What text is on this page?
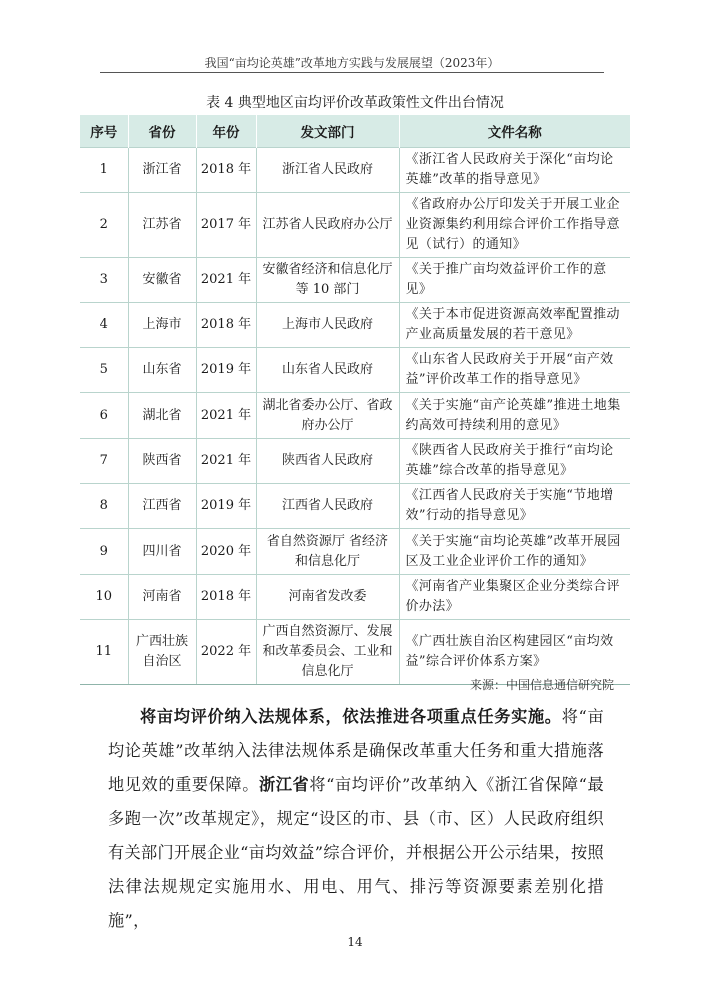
我国“亩均论英雄”改革地方实践与发展展望（2023年）
表 4 典型地区亩均评价改革政策性文件出台情况
序号	省份	年份	发文部门	文件名称
1	浙江省	2018 年	浙江省人民政府	《浙江省人民政府关于深化“亩均论英雄”改革的指导意见》
2	江苏省	2017 年	江苏省人民政府办公厅	《省政府办公厅印发关于开展工业企业资源集约利用综合评价工作指导意见（试行）的通知》
3	安徽省	2021 年	安徽省经济和信息化厅等 10 部门	《关于推广亩均效益评价工作的意见》
4	上海市	2018 年	上海市人民政府	《关于本市促进资源高效率配置推动产业高质量发展的若干意见》
5	山东省	2019 年	山东省人民政府	《山东省人民政府关于开展“亩产效益”评价改革工作的指导意见》
6	湖北省	2021 年	湖北省委办公厅、省政府办公厅	《关于实施“亩产论英雄”推进土地集约高效可持续利用的意见》
7	陕西省	2021 年	陕西省人民政府	《陕西省人民政府关于推行“亩均论英雄”综合改革的指导意见》
8	江西省	2019 年	江西省人民政府	《江西省人民政府关于实施“节地增效”行动的指导意见》
9	四川省	2020 年	省自然资源厅 省经济和信息化厅	《关于实施“亩均论英雄”改革开展园区及工业企业评价工作的通知》
10	河南省	2018 年	河南省发改委	《河南省产业集聚区企业分类综合评价办法》
11	广西壮族自治区	2022 年	广西自然资源厅、发展和改革委员会、工业和信息化厅	《广西壮族自治区构建园区“亩均效益”综合评价体系方案》
来源：中国信息通信研究院

将亩均评价纳入法规体系，依法推进各项重点任务实施。将“亩均论英雄”改革纳入法律法规体系是确保改革重大任务和重大措施落地见效的重要保障。浙江省将“亩均评价”改革纳入《浙江省保障“最多跑一次”改革规定》，规定“设区的市、县（市、区）人民政府组织有关部门开展企业“亩均效益”综合评价，并根据公开公示结果，按照法律法规规定实施用水、用电、用气、排污等资源要素差别化措施”，

14
